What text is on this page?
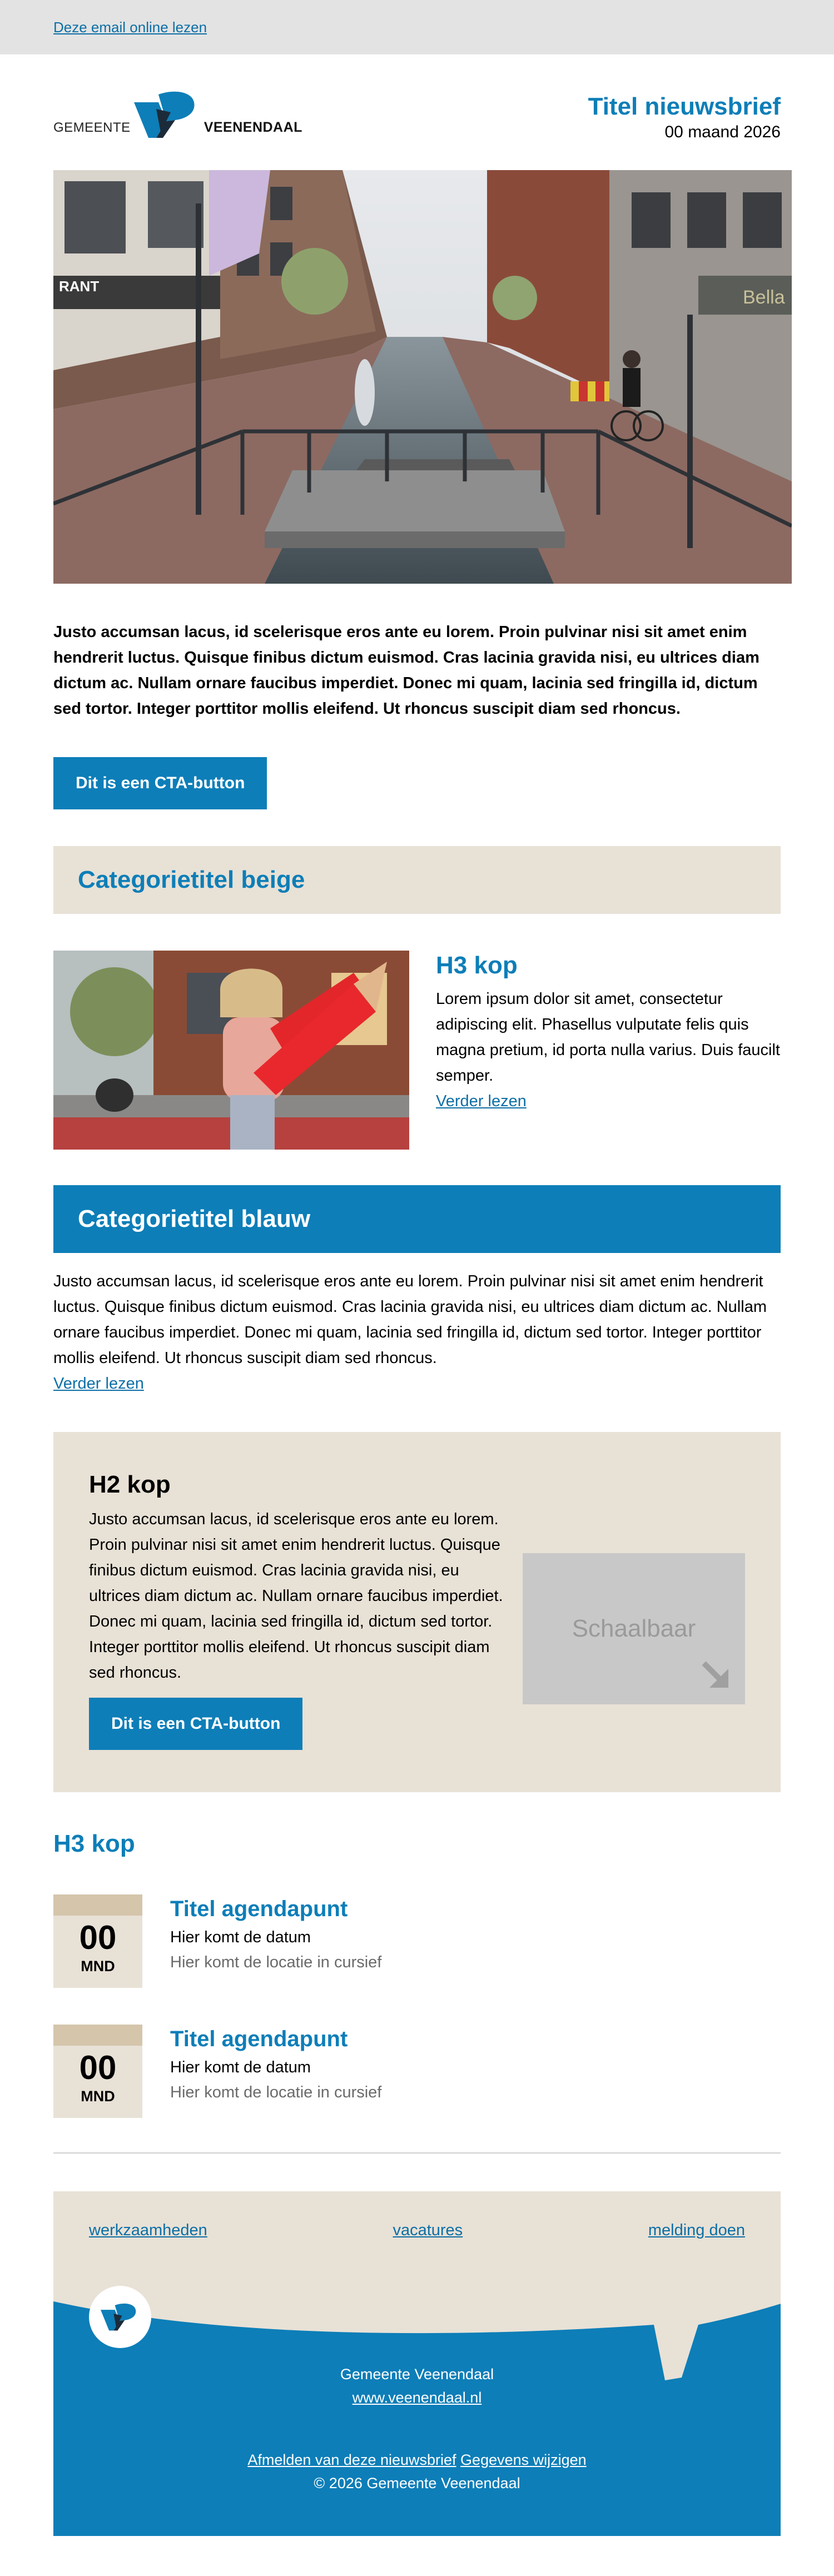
Deze email online lezen
GEMEENTE	VEENENDAAL
Titel nieuwsbrief
00 maand 2026
RANT
Bella

Justo accumsan lacus, id scelerisque eros ante eu lorem. Proin pulvinar nisi sit amet enim hendrerit luctus. Quisque finibus dictum euismod. Cras lacinia gravida nisi, eu ultrices diam dictum ac. Nullam ornare faucibus imperdiet. Donec mi quam, lacinia sed fringilla id, dictum sed tortor. Integer porttitor mollis eleifend. Ut rhoncus suscipit diam sed rhoncus.

Dit is een CTA-button
Categorietitel beige
H3 kop

Lorem ipsum dolor sit amet, consectetur adipiscing elit. Phasellus vulputate felis quis magna pretium, id porta nulla varius. Duis faucilt semper.

Verder lezen
Categorietitel blauw

Justo accumsan lacus, id scelerisque eros ante eu lorem. Proin pulvinar nisi sit amet enim hendrerit luctus. Quisque finibus dictum euismod. Cras lacinia gravida nisi, eu ultrices diam dictum ac. Nullam ornare faucibus imperdiet. Donec mi quam, lacinia sed fringilla id, dictum sed tortor. Integer porttitor mollis eleifend. Ut rhoncus suscipit diam sed rhoncus.

Verder lezen
H2 kop

Justo accumsan lacus, id scelerisque eros ante eu lorem. Proin pulvinar nisi sit amet enim hendrerit luctus. Quisque finibus dictum euismod. Cras lacinia gravida nisi, eu ultrices diam dictum ac. Nullam ornare faucibus imperdiet. Donec mi quam, lacinia sed fringilla id, dictum sed tortor. Integer porttitor mollis eleifend. Ut rhoncus suscipit diam sed rhoncus.

Dit is een CTA-button
Schaalbaar
H3 kop
00
MND
Titel agendapunt
Hier komt de datum
Hier komt de locatie in cursief
00
MND
Titel agendapunt
Hier komt de datum
Hier komt de locatie in cursief
werkzaamheden	vacatures	melding doen
Gemeente Veenendaal
www.veenendaal.nl
Afmelden van deze nieuwsbrief Gegevens wijzigen
© 2026 Gemeente Veenendaal
